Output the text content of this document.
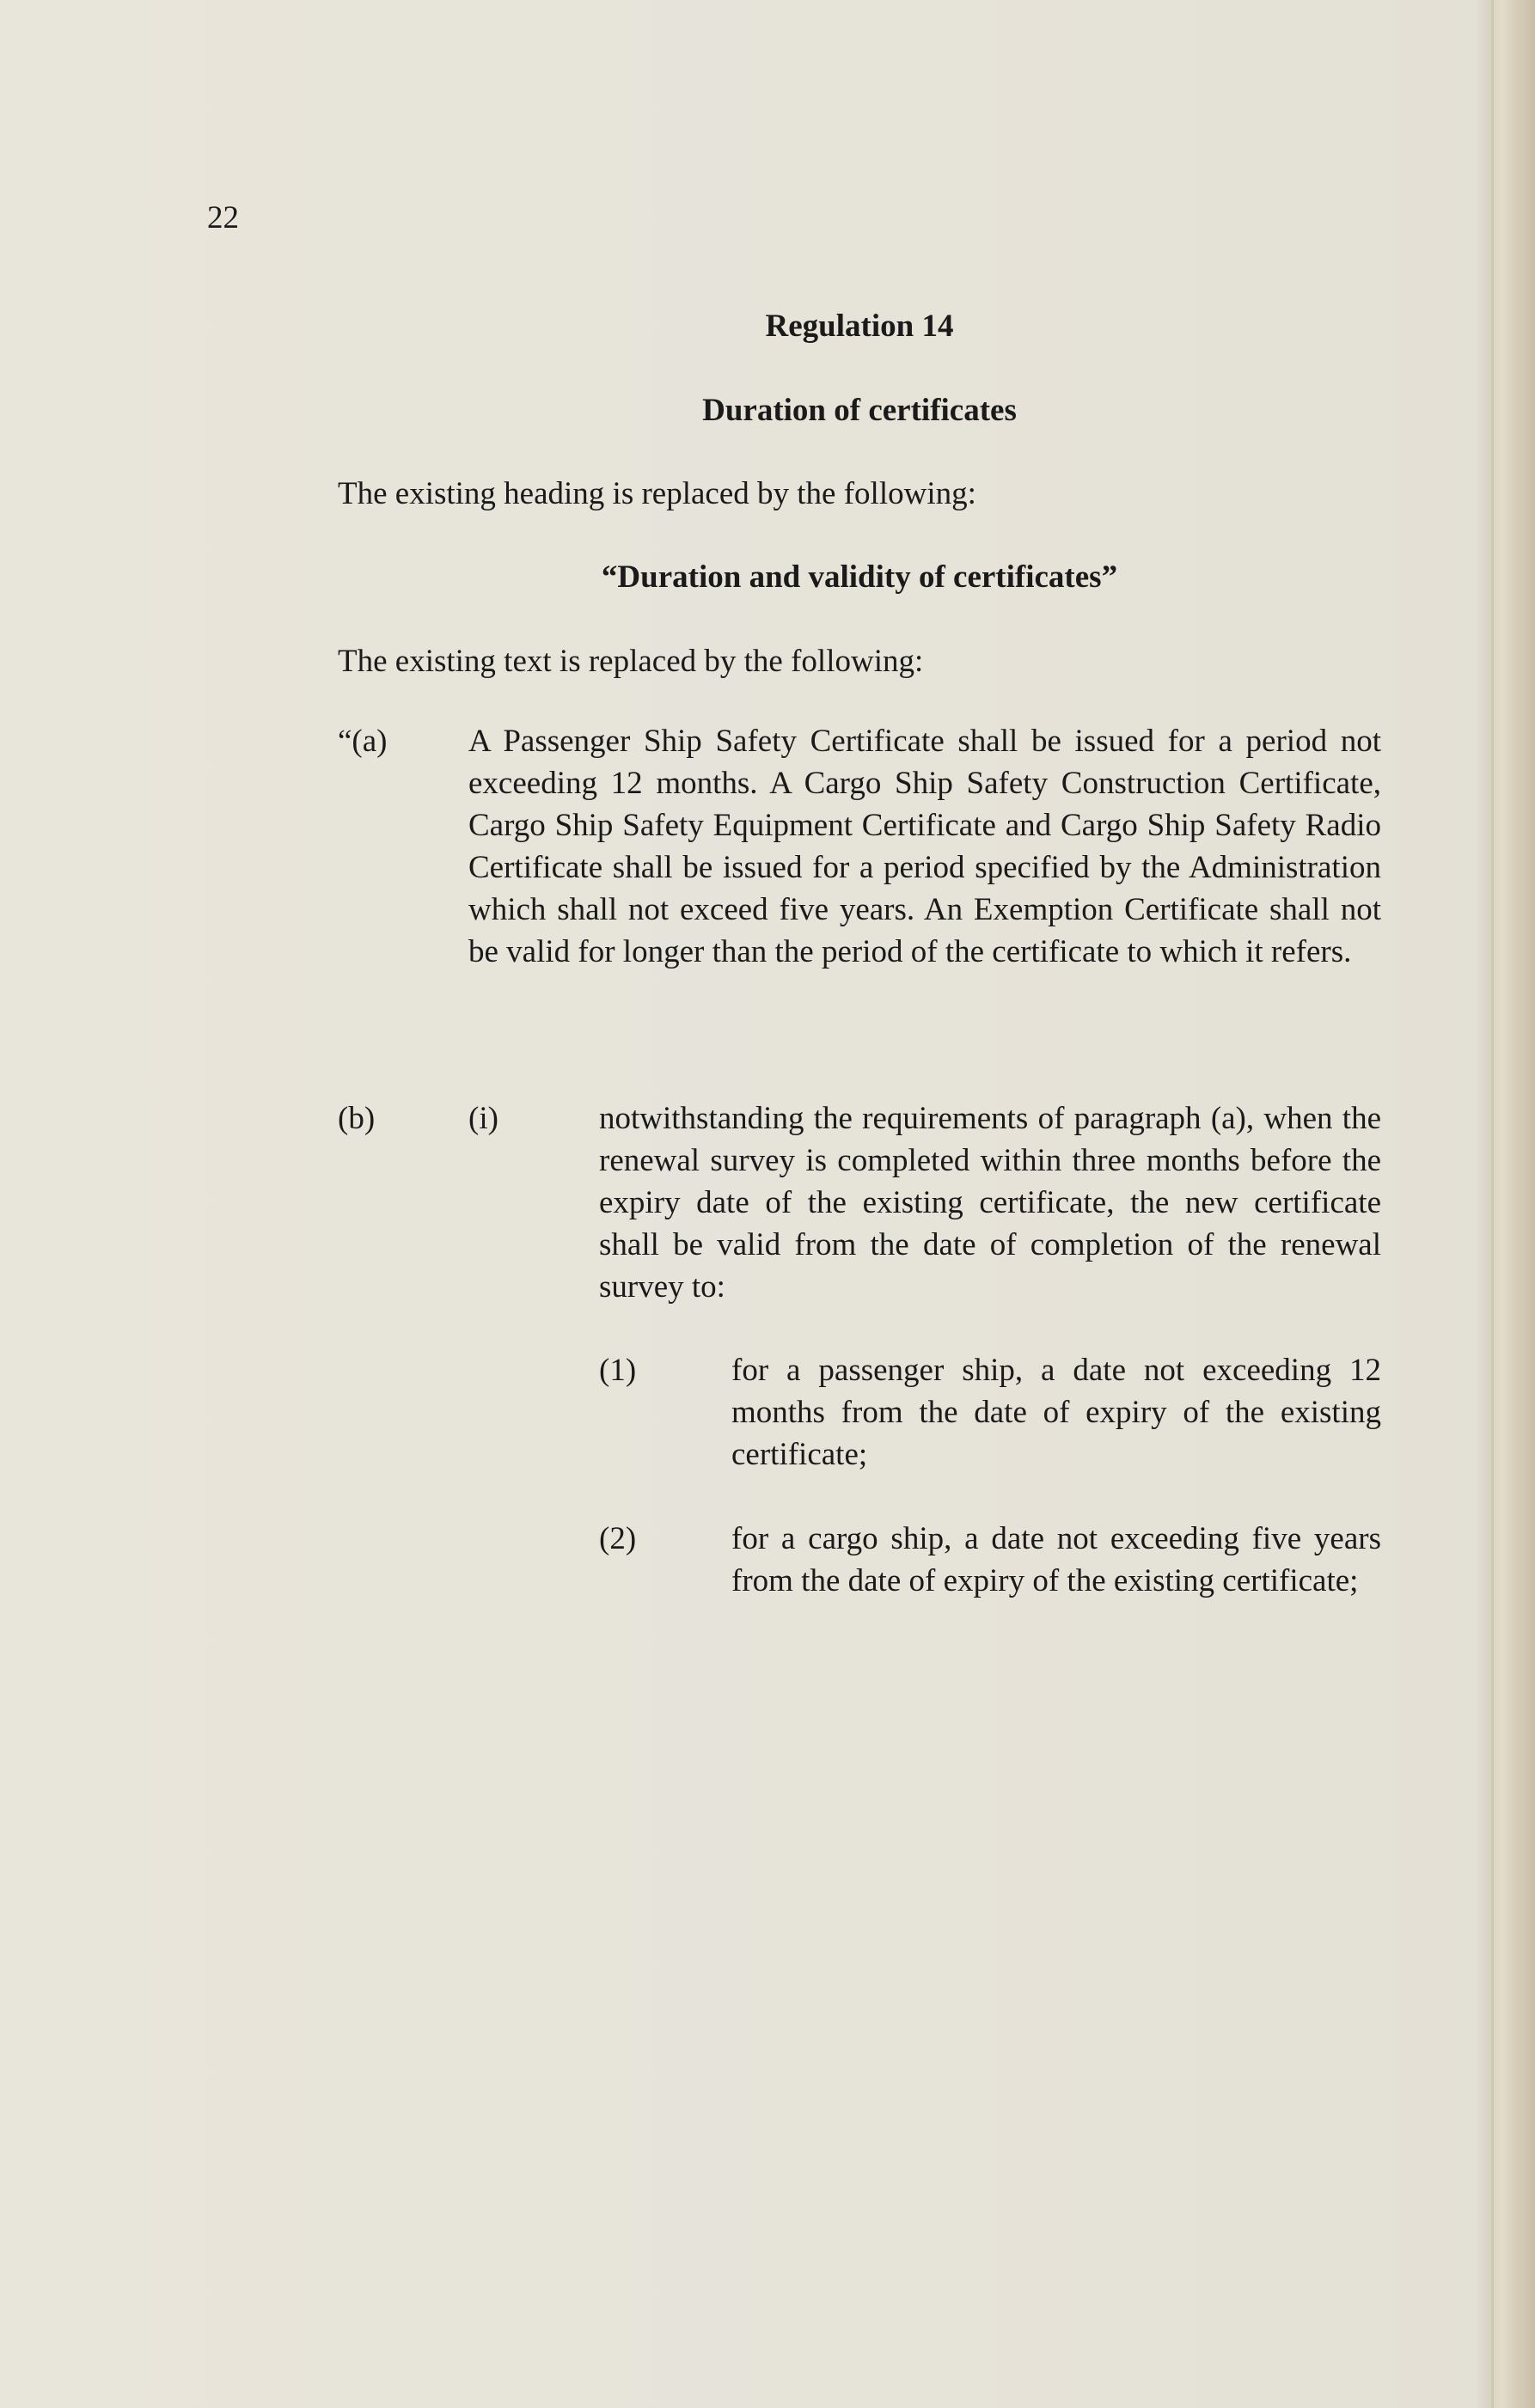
22
Regulation 14
Duration of certificates
The existing heading is replaced by the following:
“Duration and validity of certificates”
The existing text is replaced by the following:
“(a)	A Passenger Ship Safety Certificate shall be issued for a period not exceeding 12 months. A Cargo Ship Safety Construction Certificate, Cargo Ship Safety Equipment Certificate and Cargo Ship Safety Radio Certificate shall be issued for a period specified by the Administration which shall not exceed five years. An Exemption Certificate shall not be valid for longer than the period of the certificate to which it refers.
(b)	(i)	notwithstanding the requirements of paragraph (a), when the renewal survey is completed within three months before the expiry date of the existing certificate, the new certificate shall be valid from the date of completion of the renewal survey to:
(1)	for a passenger ship, a date not exceeding 12 months from the date of expiry of the existing certificate;
(2)	for a cargo ship, a date not exceeding five years from the date of expiry of the existing certificate;
